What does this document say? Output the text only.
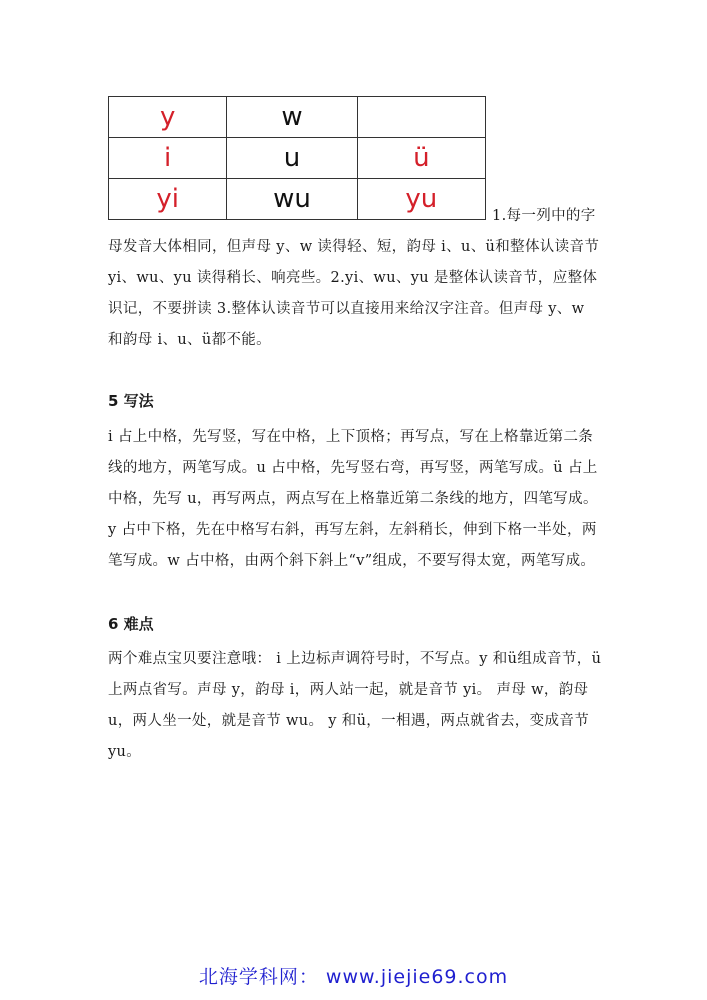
y	w	
i	u	ü
yi	wu	yu
1.每一列中的字

母发音大体相同，但声母 y、w 读得轻、短，韵母 i、u、ü和整体认读音节 yi、wu、yu 读得稍长、响亮些。2.yi、wu、yu 是整体认读音节，应整体识记，不要拼读 3.整体认读音节可以直接用来给汉字注音。但声母 y、w 和韵母 i、u、ü都不能。

5 写法

i 占上中格，先写竖，写在中格，上下顶格；再写点，写在上格靠近第二条线的地方，两笔写成。u 占中格，先写竖右弯，再写竖，两笔写成。ü 占上中格，先写 u，再写两点，两点写在上格靠近第二条线的地方，四笔写成。y 占中下格，先在中格写右斜，再写左斜，左斜稍长，伸到下格一半处，两笔写成。w 占中格，由两个斜下斜上“v”组成，不要写得太宽，两笔写成。

6 难点

两个难点宝贝要注意哦： i 上边标声调符号时，不写点。y 和ü组成音节，ü上两点省写。声母 y，韵母 i，两人站一起，就是音节 yi。 声母 w，韵母 u，两人坐一处，就是音节 wu。 y 和ü，一相遇，两点就省去，变成音节 yu。

北海学科网： www.jiejie69.com
